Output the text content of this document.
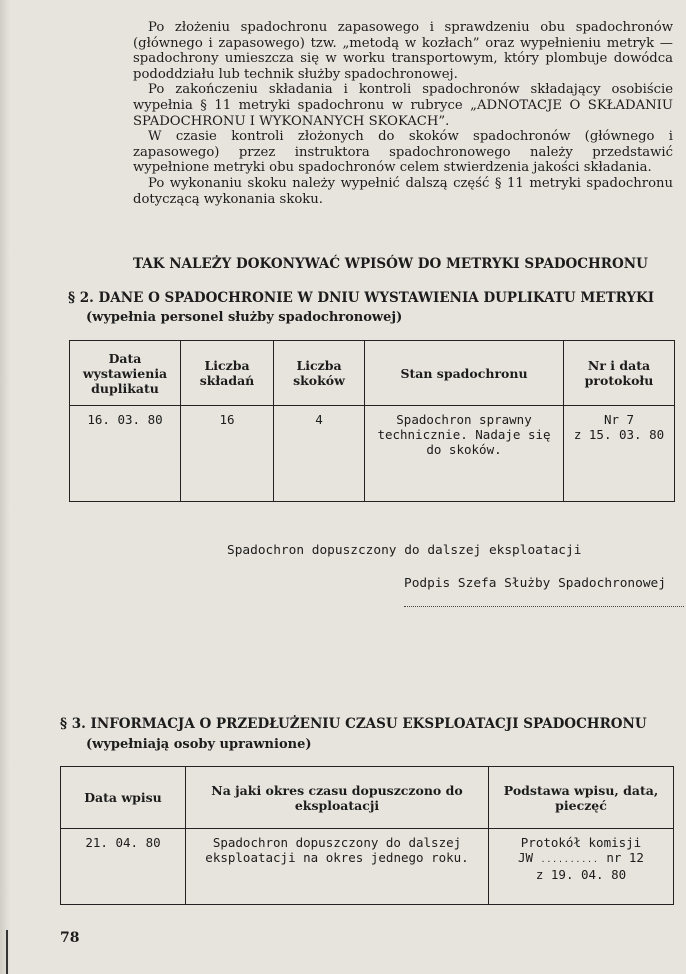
Po złożeniu spadochronu zapasowego i sprawdzeniu obu spadochronów (głównego i zapasowego) tzw. „metodą w kozłach” oraz wypełnieniu metryk — spadochrony umieszcza się w worku transportowym, który plombuje dowódca pododdziału lub technik służby spadochronowej.

Po zakończeniu składania i kontroli spadochronów składający osobiście wypełnia § 11 metryki spadochronu w rubryce „ADNOTACJE O SKŁADANIU SPADOCHRONU I WYKONANYCH SKOKACH”.

W czasie kontroli złożonych do skoków spadochronów (głównego i zapasowego) przez instruktora spadochronowego należy przedstawić wypełnione metryki obu spadochronów celem stwierdzenia jakości składania.

Po wykonaniu skoku należy wypełnić dalszą część § 11 metryki spadochronu dotyczącą wykonania skoku.

TAK NALEŻY DOKONYWAĆ WPISÓW DO METRYKI SPADOCHRONU
§ 2. DANE O SPADOCHRONIE W DNIU WYSTAWIENIA DUPLIKATU METRYKI
(wypełnia personel służby spadochronowej)
Data wystawienia duplikatu	Liczba składań	Liczba skoków	Stan spadochronu	Nr i data protokołu
16. 03. 80	16	4	Spadochron sprawny technicznie. Nadaje się do skoków.	Nr 7
z 15. 03. 80
Spadochron dopuszczony do dalszej eksploatacji
Podpis Szefa Służby Spadochronowej
§ 3. INFORMACJA O PRZEDŁUŻENIU CZASU EKSPLOATACJI SPADOCHRONU
(wypełniają osoby uprawnione)
Data wpisu	Na jaki okres czasu dopuszczono do eksploatacji	Podstawa wpisu, data, pieczęć
21. 04. 80	Spadochron dopuszczony do dalszej eksploatacji na okres jednego roku.	Protokół komisji
JW .......... nr 12
z 19. 04. 80
78
